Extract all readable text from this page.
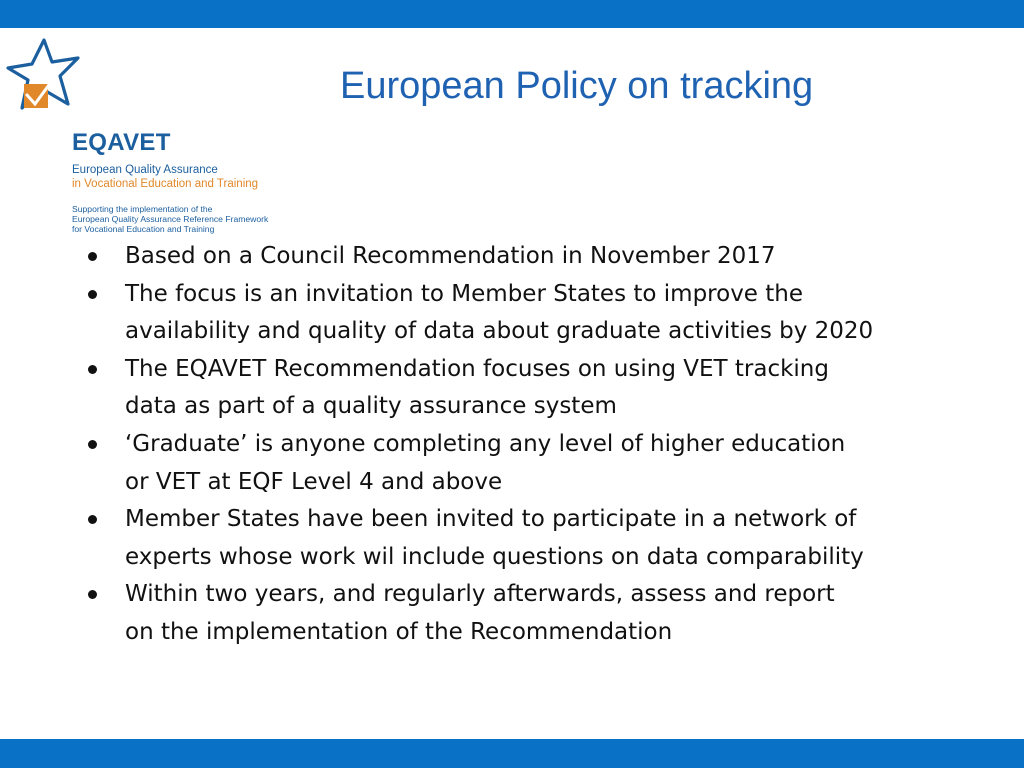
EQAVET
European Quality Assurance
in Vocational Education and Training
Supporting the implementation of the
European Quality Assurance Reference Framework
for Vocational Education and Training
European Policy on tracking
Based on a Council Recommendation in November 2017
The focus is an invitation to Member States to improve the
availability and quality of data about graduate activities by 2020
The EQAVET Recommendation focuses on using VET tracking
data as part of a quality assurance system
‘Graduate’ is anyone completing any level of higher education
or VET at EQF Level 4 and above
Member States have been invited to participate in a network of
experts whose work wil include questions on data comparability
Within two years, and regularly afterwards, assess and report
on the implementation of the Recommendation
